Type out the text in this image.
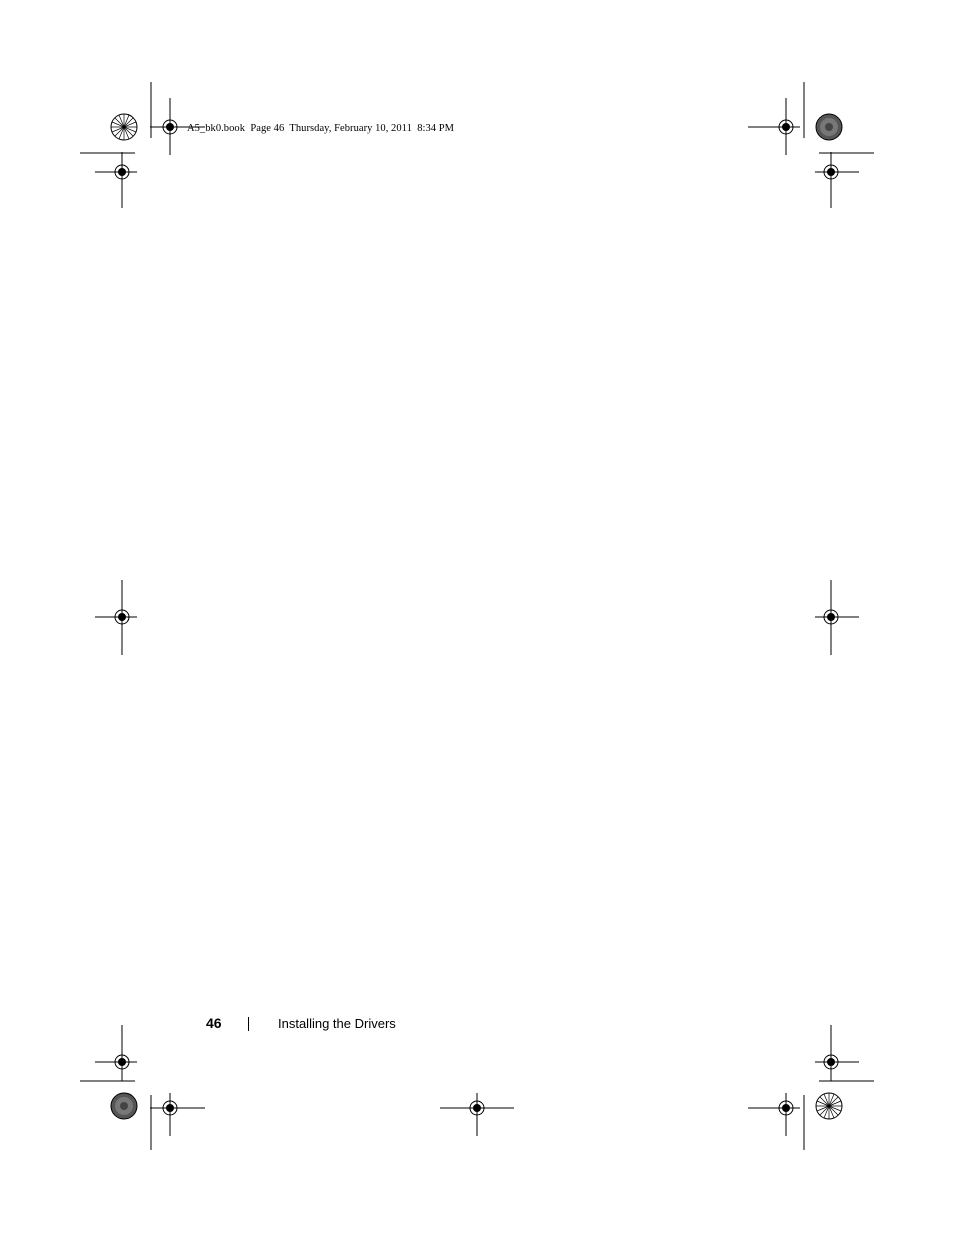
A5_bk0.book  Page 46  Thursday, February 10, 2011  8:34 PM
46	Installing the Drivers
